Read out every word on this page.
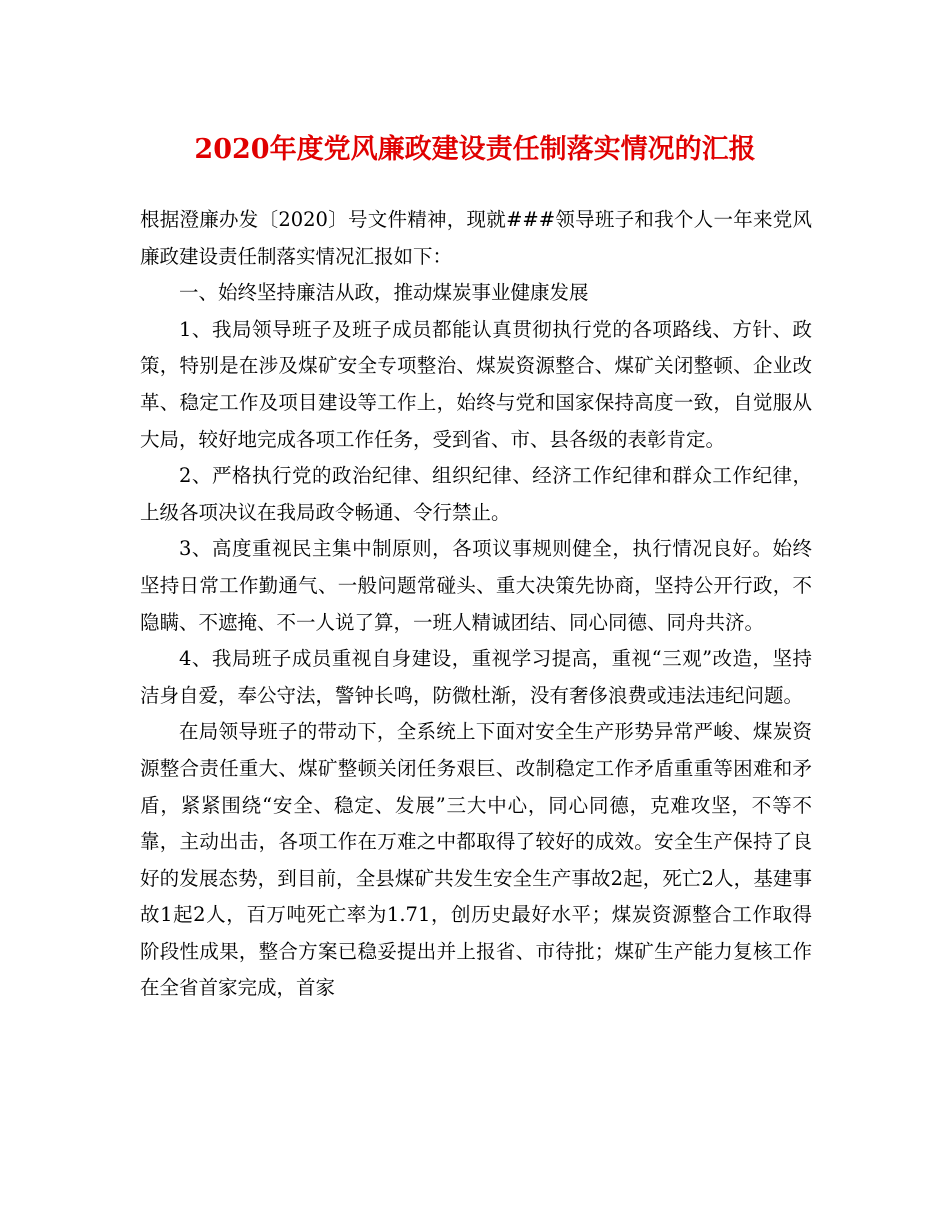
2020年度党风廉政建设责任制落实情况的汇报

根据澄廉办发〔2020〕号文件精神，现就###领导班子和我个人一年来党风廉政建设责任制落实情况汇报如下：

一、始终坚持廉洁从政，推动煤炭事业健康发展

1、我局领导班子及班子成员都能认真贯彻执行党的各项路线、方针、政策，特别是在涉及煤矿安全专项整治、煤炭资源整合、煤矿关闭整顿、企业改革、稳定工作及项目建设等工作上，始终与党和国家保持高度一致，自觉服从大局，较好地完成各项工作任务，受到省、市、县各级的表彰肯定。

2、严格执行党的政治纪律、组织纪律、经济工作纪律和群众工作纪律，上级各项决议在我局政令畅通、令行禁止。

3、高度重视民主集中制原则，各项议事规则健全，执行情况良好。始终坚持日常工作勤通气、一般问题常碰头、重大决策先协商，坚持公开行政，不隐瞒、不遮掩、不一人说了算，一班人精诚团结、同心同德、同舟共济。

4、我局班子成员重视自身建设，重视学习提高，重视“三观”改造，坚持洁身自爱，奉公守法，警钟长鸣，防微杜渐，没有奢侈浪费或违法违纪问题。

在局领导班子的带动下，全系统上下面对安全生产形势异常严峻、煤炭资源整合责任重大、煤矿整顿关闭任务艰巨、改制稳定工作矛盾重重等困难和矛盾，紧紧围绕“安全、稳定、发展”三大中心，同心同德，克难攻坚，不等不靠，主动出击，各项工作在万难之中都取得了较好的成效。安全生产保持了良好的发展态势，到目前，全县煤矿共发生安全生产事故2起，死亡2人，基建事故1起2人，百万吨死亡率为1.71，创历史最好水平；煤炭资源整合工作取得阶段性成果，整合方案已稳妥提出并上报省、市待批；煤矿生产能力复核工作在全省首家完成，首家
